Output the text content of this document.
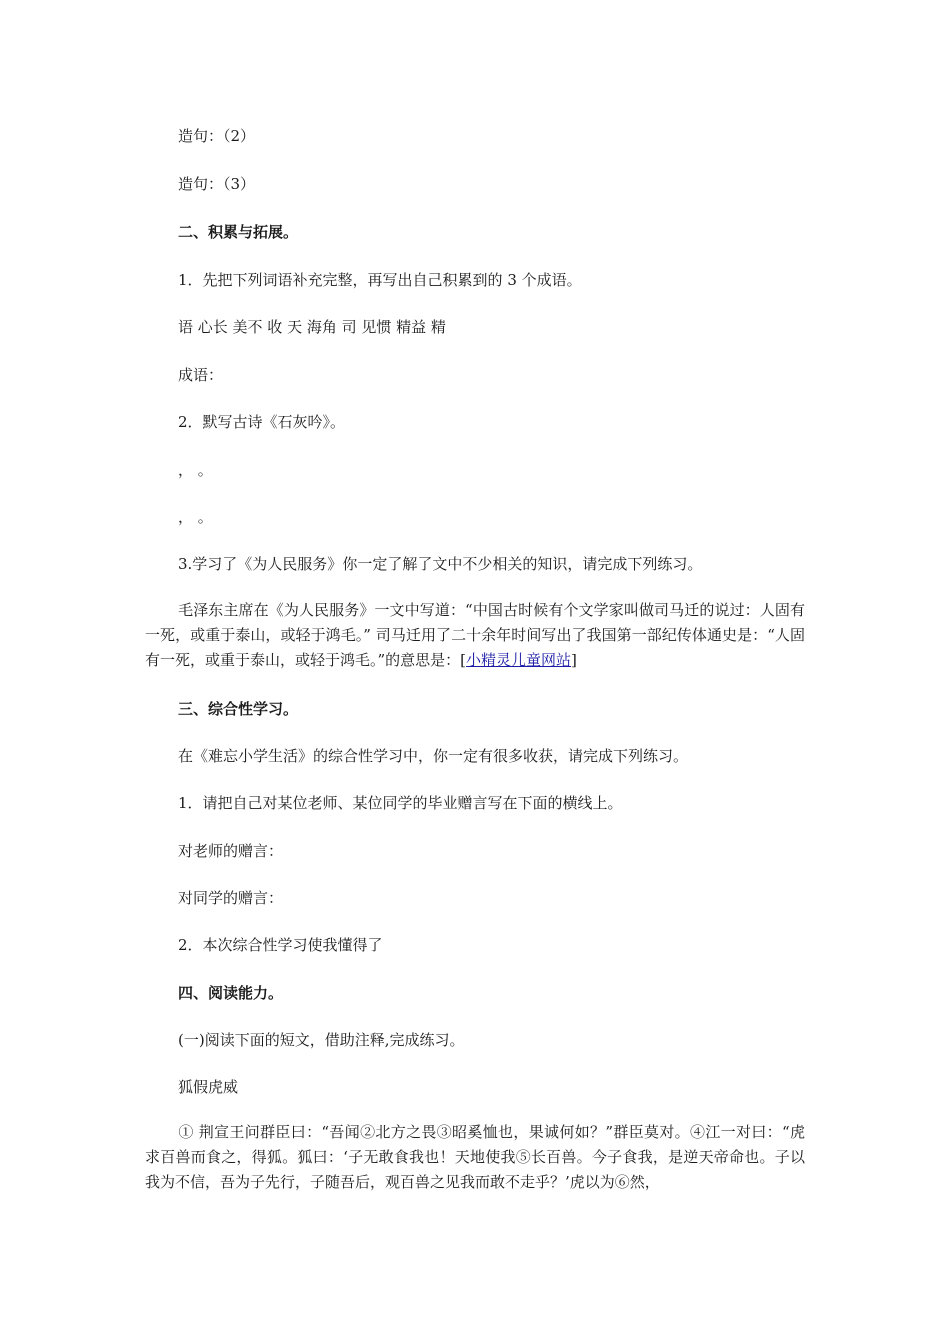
造句：（2）
造句：（3）
二、积累与拓展。
1．先把下列词语补充完整，再写出自己积累到的 3 个成语。
语 心长 美不 收 天 海角 司 见惯 精益 精
成语：
2．默写古诗《石灰吟》。
， 。
， 。
3.学习了《为人民服务》你一定了解了文中不少相关的知识，请完成下列练习。
毛泽东主席在《为人民服务》一文中写道：“中国古时候有个文学家叫做司马迁的说过：人固有一死，或重于泰山，或轻于鸿毛。” 司马迁用了二十余年时间写出了我国第一部纪传体通史是：“人固有一死，或重于泰山，或轻于鸿毛。”的意思是：[小精灵儿童网站]
三、综合性学习。
在《难忘小学生活》的综合性学习中，你一定有很多收获，请完成下列练习。
1．请把自己对某位老师、某位同学的毕业赠言写在下面的横线上。
对老师的赠言：
对同学的赠言：
2．本次综合性学习使我懂得了
四、阅读能力。
(一)阅读下面的短文，借助注释,完成练习。
狐假虎威
① 荆宣王问群臣曰：“吾闻②北方之畏③昭奚恤也，果诚何如？”群臣莫对。④江一对曰：“虎求百兽而食之，得狐。狐曰：‘子无敢食我也！天地使我⑤长百兽。今子食我，是逆天帝命也。子以我为不信，吾为子先行，子随吾后，观百兽之见我而敢不走乎？’虎以为⑥然，
